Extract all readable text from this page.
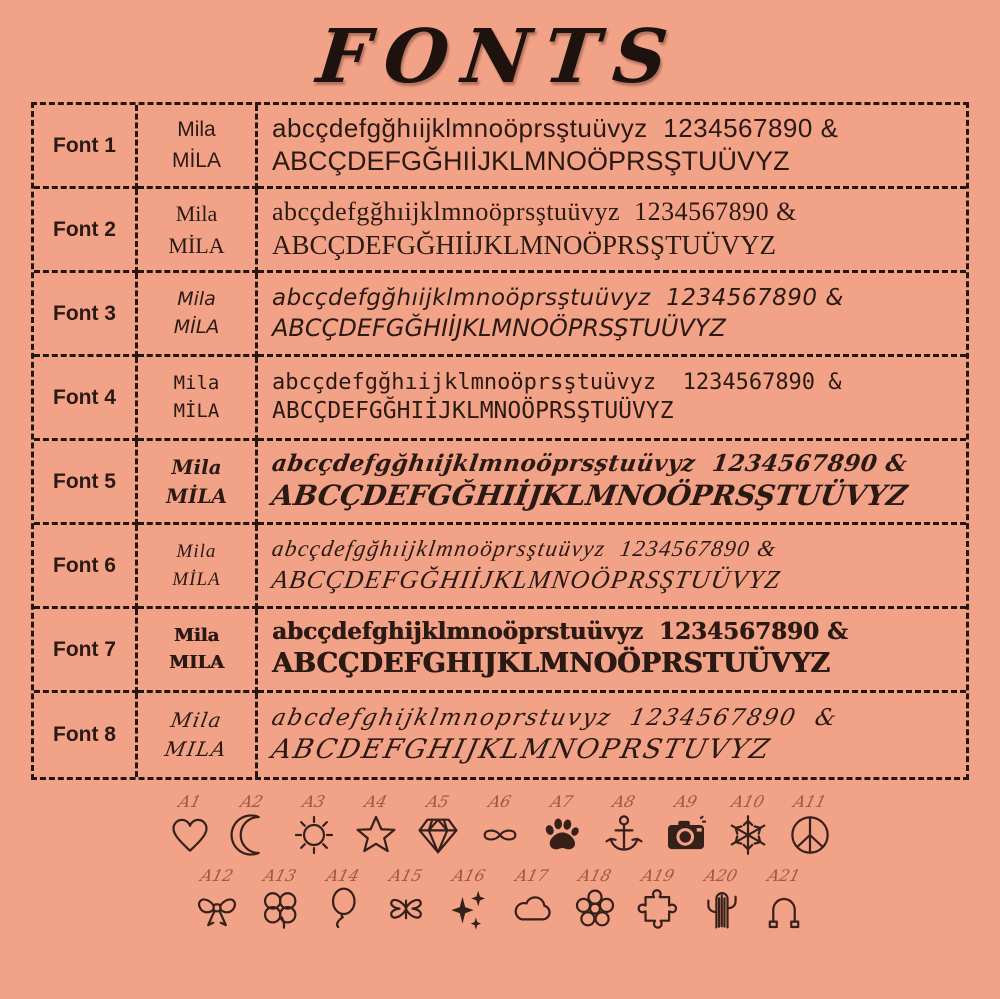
FONTS
Font 1
Mila
MİLA
abcçdefgğhıijklmnoöprsştuüvyz  1234567890 &
ABCÇDEFGĞHIİJKLMNOÖPRSŞTUÜVYZ
Font 2
Mila
MİLA
abcçdefgğhıijklmnoöprsştuüvyz  1234567890 &
ABCÇDEFGĞHIİJKLMNOÖPRSŞTUÜVYZ
Font 3
Mila
MİLA
abcçdefgğhıijklmnoöprsştuüvyz  1234567890 &
ABCÇDEFGĞHIİJKLMNOÖPRSŞTUÜVYZ
Font 4
Mila
MİLA
abcçdefgğhıijklmnoöprsştuüvyz  1234567890 &
ABCÇDEFGĞHIİJKLMNOÖPRSŞTUÜVYZ
Font 5
Mila
MİLA
abcçdefgğhıijklmnoöprsştuüvyz  1234567890 &
ABCÇDEFGĞHIİJKLMNOÖPRSŞTUÜVYZ
Font 6
Mila
MİLA
abcçdefgğhıijklmnoöprsştuüvyz  1234567890 &
ABCÇDEFGĞHIİJKLMNOÖPRSŞTUÜVYZ
Font 7
Mila
MILA
abcçdefghijklmnoöprstuüvyz  1234567890 &
ABCÇDEFGHIJKLMNOÖPRSTUÜVYZ
Font 8
Mila
MILA
abcdefghijklmnoprstuvyz  1234567890  &
ABCDEFGHIJKLMNOPRSTUVYZ
A1 A2 A3 A4 A5 A6 A7 A8 A9 A10 A11
A12 A13 A14 A15 A16 A17 A18 A19 A20 A21
